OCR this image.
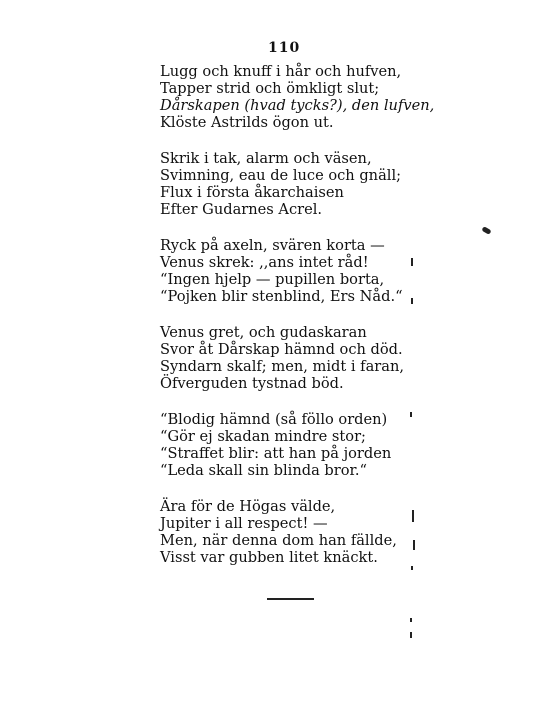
110
Lugg och knuff i hår och hufven,
Tapper strid och ömkligt slut;
Dårskapen (hvad tycks?), den lufven,
Klöste Astrilds ögon ut.
Skrik i tak, alarm och väsen,
Svimning, eau de luce och gnäll;
Flux i första åkarchaisen
Efter Gudarnes Acrel.
Ryck på axeln, svären korta —
Venus skrek: ,,ans intet råd!
“Ingen hjelp — pupillen borta,
“Pojken blir stenblind, Ers Nåd.“
Venus gret, och gudaskaran
Svor åt Dårskap hämnd och död.
Syndarn skalf; men, midt i faran,
Öfverguden tystnad böd.
“Blodig hämnd (så föllo orden)
“Gör ej skadan mindre stor;
“Straffet blir: att han på jorden
“Leda skall sin blinda bror.“
Ära för de Högas välde,
Jupiter i all respect! —
Men, när denna dom han fällde,
Visst var gubben litet knäckt.
